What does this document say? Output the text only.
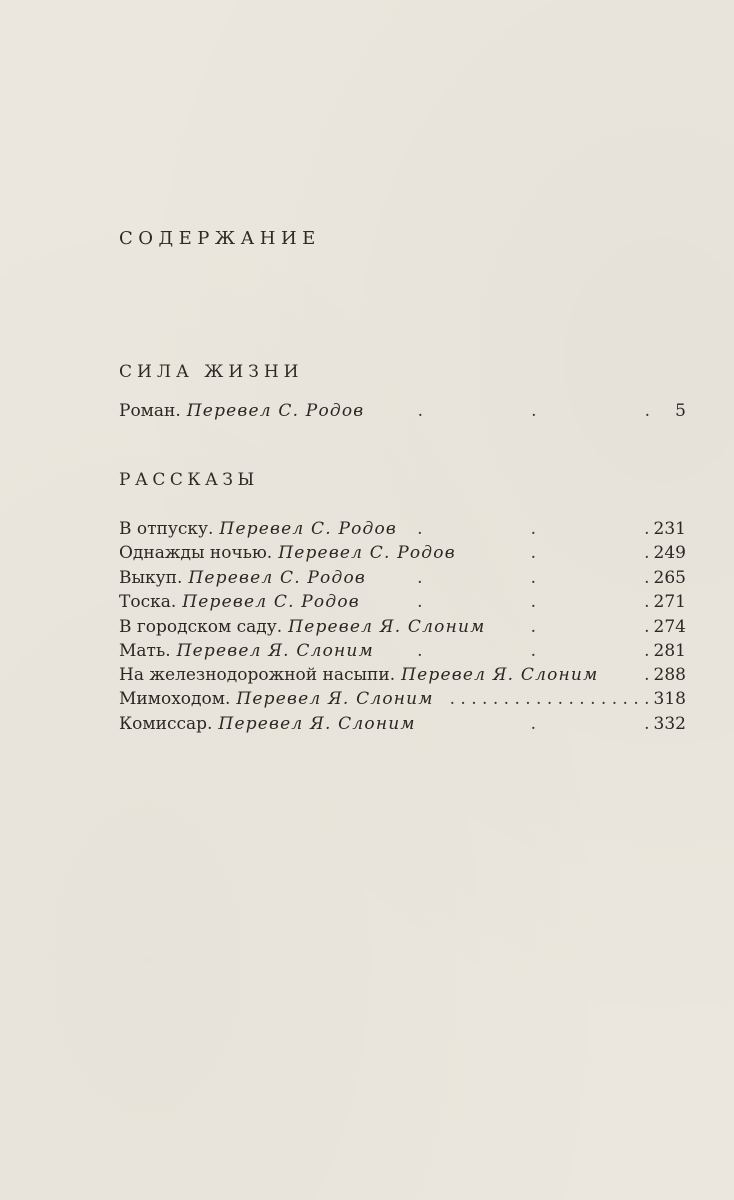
СОДЕРЖАНИЕ
СИЛА ЖИЗНИ
Роман. Перевел С. Родов .	5
РАССКАЗЫ
В отпуску. Перевел С. Родов .	231
Однажды ночью. Перевел С. Родов .	249
Выкуп. Перевел С. Родов .	265
Тоска. Перевел С. Родов .	271
В городском саду. Перевел Я. Слоним .	274
Мать. Перевел Я. Слоним .	281
На железнодорожной насыпи. Перевел Я. Слоним .	288
Мимоходом. Перевел Я. Слоним . . .	318
Комиссар. Перевел Я. Слоним .	332
